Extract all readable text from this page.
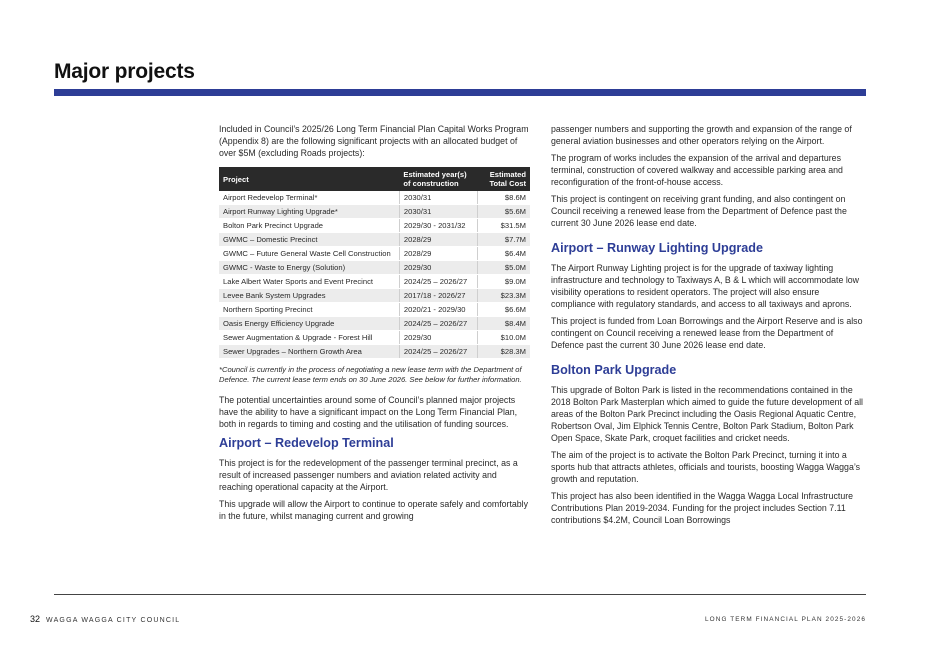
Major projects

Included in Council’s 2025/26 Long Term Financial Plan Capital Works Program (Appendix 8) are the following significant projects with an allocated budget of over $5M (excluding Roads projects):

Project	Estimated year(s) of construction	Estimated Total Cost
Airport Redevelop Terminal*	2030/31	$8.6M
Airport Runway Lighting Upgrade*	2030/31	$5.6M
Bolton Park Precinct Upgrade	2029/30 - 2031/32	$31.5M
GWMC – Domestic Precinct	2028/29	$7.7M
GWMC – Future General Waste Cell Construction	2028/29	$6.4M
GWMC - Waste to Energy (Solution)	2029/30	$5.0M
Lake Albert Water Sports and Event Precinct	2024/25 – 2026/27	$9.0M
Levee Bank System Upgrades	2017/18 - 2026/27	$23.3M
Northern Sporting Precinct	2020/21 - 2029/30	$6.6M
Oasis Energy Efficiency Upgrade	2024/25 – 2026/27	$8.4M
Sewer Augmentation & Upgrade - Forest Hill	2029/30	$10.0M
Sewer Upgrades – Northern Growth Area	2024/25 – 2026/27	$28.3M

*Council is currently in the process of negotiating a new lease term with the Department of Defence. The current lease term ends on 30 June 2026. See below for further information.

The potential uncertainties around some of Council’s planned major projects have the ability to have a significant impact on the Long Term Financial Plan, both in regards to timing and costing and the utilisation of funding sources.

Airport – Redevelop Terminal

This project is for the redevelopment of the passenger terminal precinct, as a result of increased passenger numbers and aviation related activity and reaching operational capacity at the Airport.

This upgrade will allow the Airport to continue to operate safely and comfortably in the future, whilst managing current and growing

passenger numbers and supporting the growth and expansion of the range of general aviation businesses and other operators relying on the Airport.

The program of works includes the expansion of the arrival and departures terminal, construction of covered walkway and accessible parking area and reconfiguration of the front-of-house access.

This project is contingent on receiving grant funding, and also contingent on Council receiving a renewed lease from the Department of Defence past the current 30 June 2026 lease end date.

Airport – Runway Lighting Upgrade

The Airport Runway Lighting project is for the upgrade of taxiway lighting infrastructure and technology to Taxiways A, B & L which will accommodate low visibility operations to resident operators. The project will also ensure compliance with regulatory standards, and access to all taxiways and aprons.

This project is funded from Loan Borrowings and the Airport Reserve and is also contingent on Council receiving a renewed lease from the Department of Defence past the current 30 June 2026 lease end date.

Bolton Park Upgrade

This upgrade of Bolton Park is listed in the recommendations contained in the 2018 Bolton Park Masterplan which aimed to guide the future development of all areas of the Bolton Park Precinct including the Oasis Regional Aquatic Centre, Robertson Oval, Jim Elphick Tennis Centre, Bolton Park Stadium, Bolton Park Open Space, Skate Park, croquet facilities and cricket needs.

The aim of the project is to activate the Bolton Park Precinct, turning it into a sports hub that attracts athletes, officials and tourists, boosting Wagga Wagga’s growth and reputation.

This project has also been identified in the Wagga Wagga Local Infrastructure Contributions Plan 2019-2034. Funding for the project includes Section 7.11 contributions $4.2M, Council Loan Borrowings

32 WAGGA WAGGA CITY COUNCIL	LONG TERM FINANCIAL PLAN 2025-2026
